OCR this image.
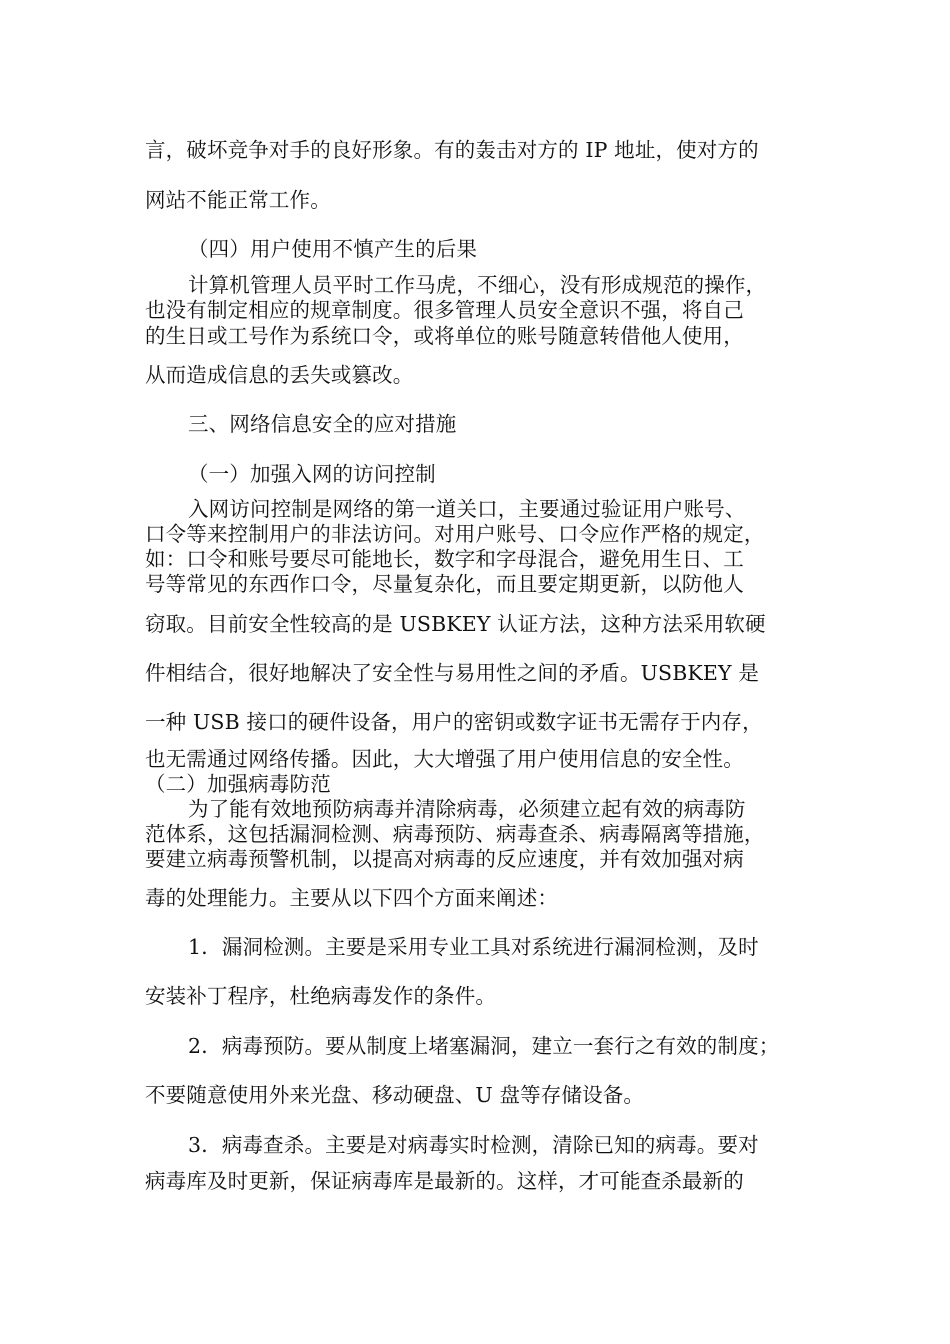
言，破坏竞争对手的良好形象。有的轰击对方的 IP 地址，使对方的
网站不能正常工作。
（四）用户使用不慎产生的后果
计算机管理人员平时工作马虎，不细心，没有形成规范的操作，
也没有制定相应的规章制度。很多管理人员安全意识不强，将自己
的生日或工号作为系统口令，或将单位的账号随意转借他人使用，
从而造成信息的丢失或篡改。
三、网络信息安全的应对措施
（一）加强入网的访问控制
入网访问控制是网络的第一道关口，主要通过验证用户账号、
口令等来控制用户的非法访问。对用户账号、口令应作严格的规定，
如：口令和账号要尽可能地长，数字和字母混合，避免用生日、工
号等常见的东西作口令，尽量复杂化，而且要定期更新，以防他人
窃取。目前安全性较高的是 USBKEY 认证方法，这种方法采用软硬
件相结合，很好地解决了安全性与易用性之间的矛盾。USBKEY 是
一种 USB 接口的硬件设备，用户的密钥或数字证书无需存于内存，
也无需通过网络传播。因此，大大增强了用户使用信息的安全性。
（二）加强病毒防范
为了能有效地预防病毒并清除病毒，必须建立起有效的病毒防
范体系，这包括漏洞检测、病毒预防、病毒查杀、病毒隔离等措施，
要建立病毒预警机制，以提高对病毒的反应速度，并有效加强对病
毒的处理能力。主要从以下四个方面来阐述：
1．漏洞检测。主要是采用专业工具对系统进行漏洞检测，及时
安装补丁程序，杜绝病毒发作的条件。
2．病毒预防。要从制度上堵塞漏洞，建立一套行之有效的制度；
不要随意使用外来光盘、移动硬盘、U 盘等存储设备。
3．病毒查杀。主要是对病毒实时检测，清除已知的病毒。要对
病毒库及时更新，保证病毒库是最新的。这样，才可能查杀最新的
